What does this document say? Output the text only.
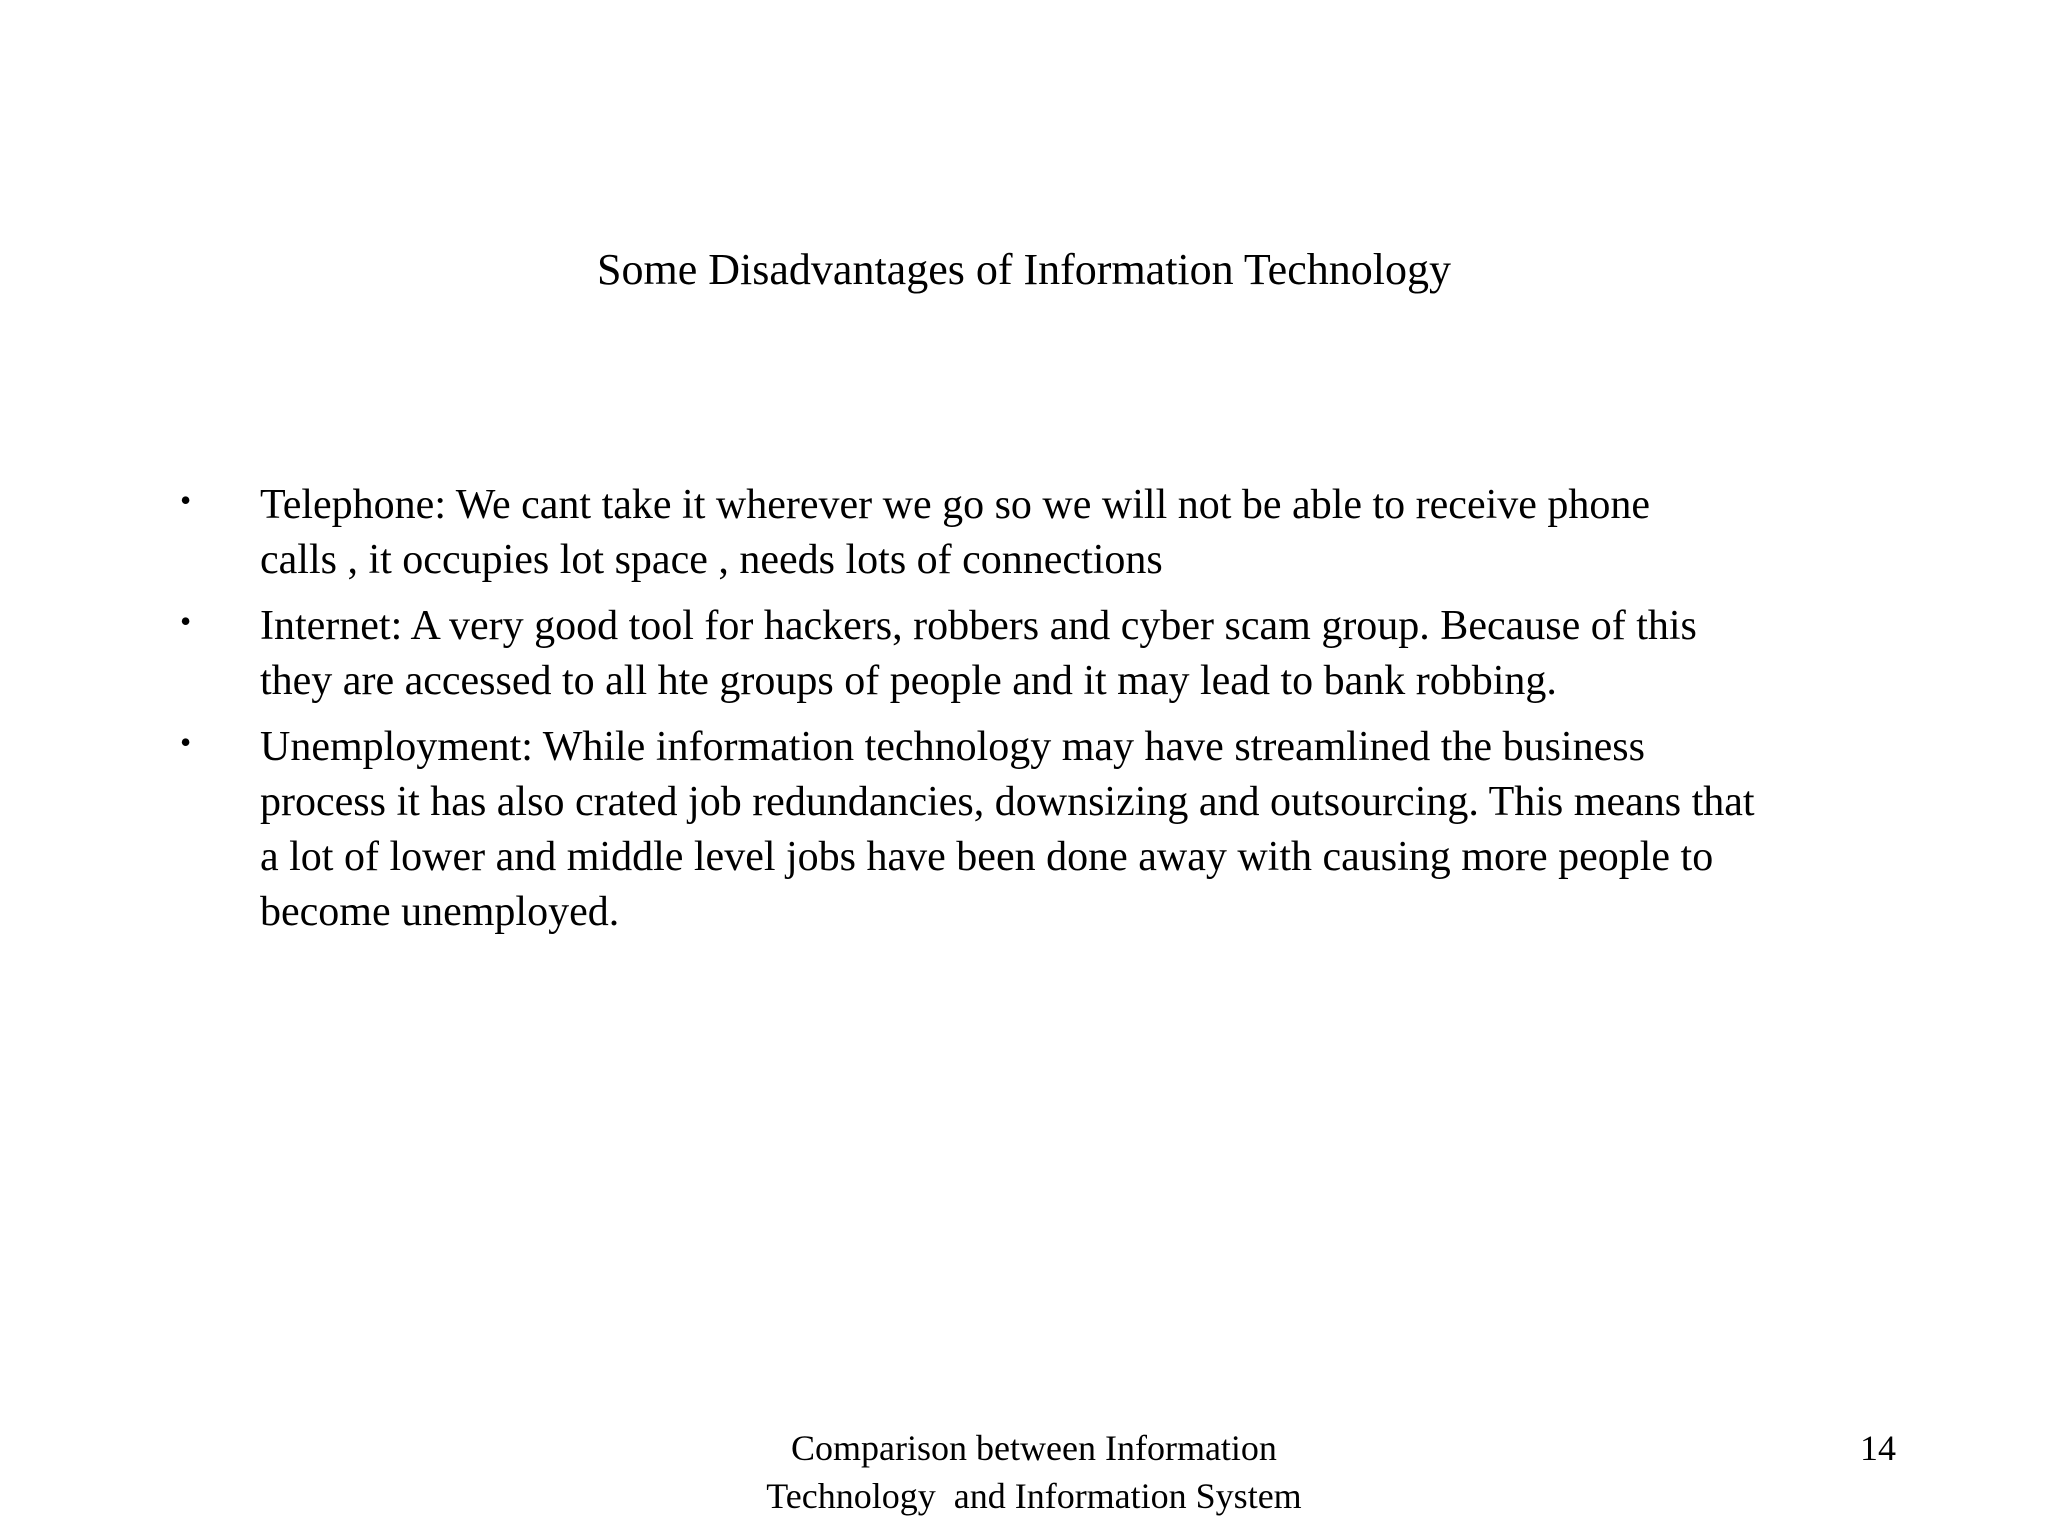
Some Disadvantages of Information Technology
•	Telephone: We cant take it wherever we go so we will not be able to receive phone
calls , it occupies lot space , needs lots of connections
•	Internet: A very good tool for hackers, robbers and cyber scam group. Because of this
they are accessed to all hte groups of people and it may lead to bank robbing.
•	Unemployment: While information technology may have streamlined the business
process it has also crated job redundancies, downsizing and outsourcing. This means that
a lot of lower and middle level jobs have been done away with causing more people to
become unemployed.
Comparison between Information
Technology  and Information System
14
